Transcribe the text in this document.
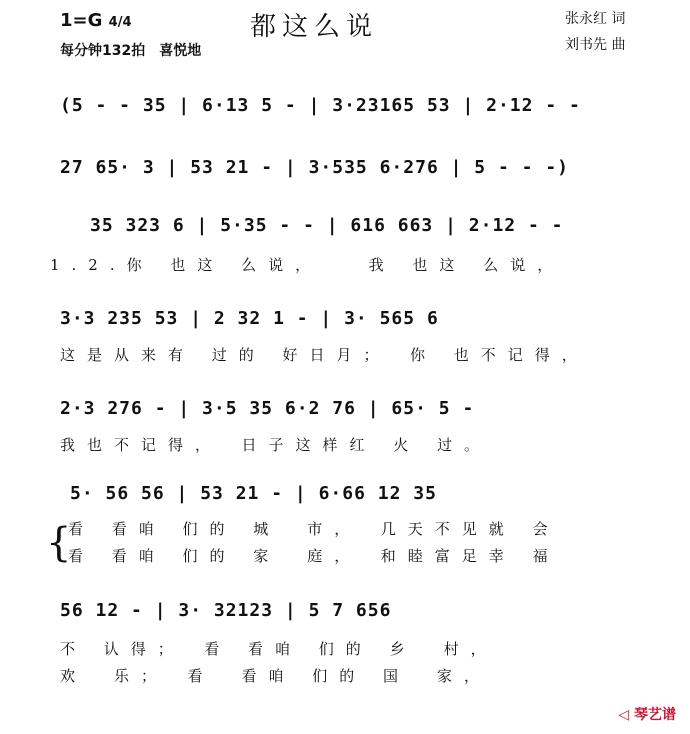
1=G 4/4
每分钟132拍　喜悦地
都这么说	张永红 词
刘书先 曲
(5 - - 35 | 6·13 5 - | 3·23165 53 | 2·12 - -
27 65· 3 | 53 21 - | 3·535 6·276 | 5 - - -)
35 323 6 | 5·35 - - | 616 663 | 2·12 - -
1.2.你 也这 么说，　　我 也这 么说，
3·3 235 53 | 2 32 1 - | 3· 565 6
这是从来有 过的 好日月；　你 也不记得，
2·3 276 - | 3·5 35 6·2 76 | 65· 5 -
我也不记得，　日子这样红 火 过。
5· 56 56 | 53 21 - | 6·66 12 35
{
看 看咱 们的 城　市，　几天不见就 会
看 看咱 们的 家　庭，　和睦富足幸 福
56 12 - | 3· 32123 | 5 7 656
不 认得；　看 看咱 们的 乡　村，
欢　乐；　看　看咱 们的 国　家，
◁ 琴艺谱
